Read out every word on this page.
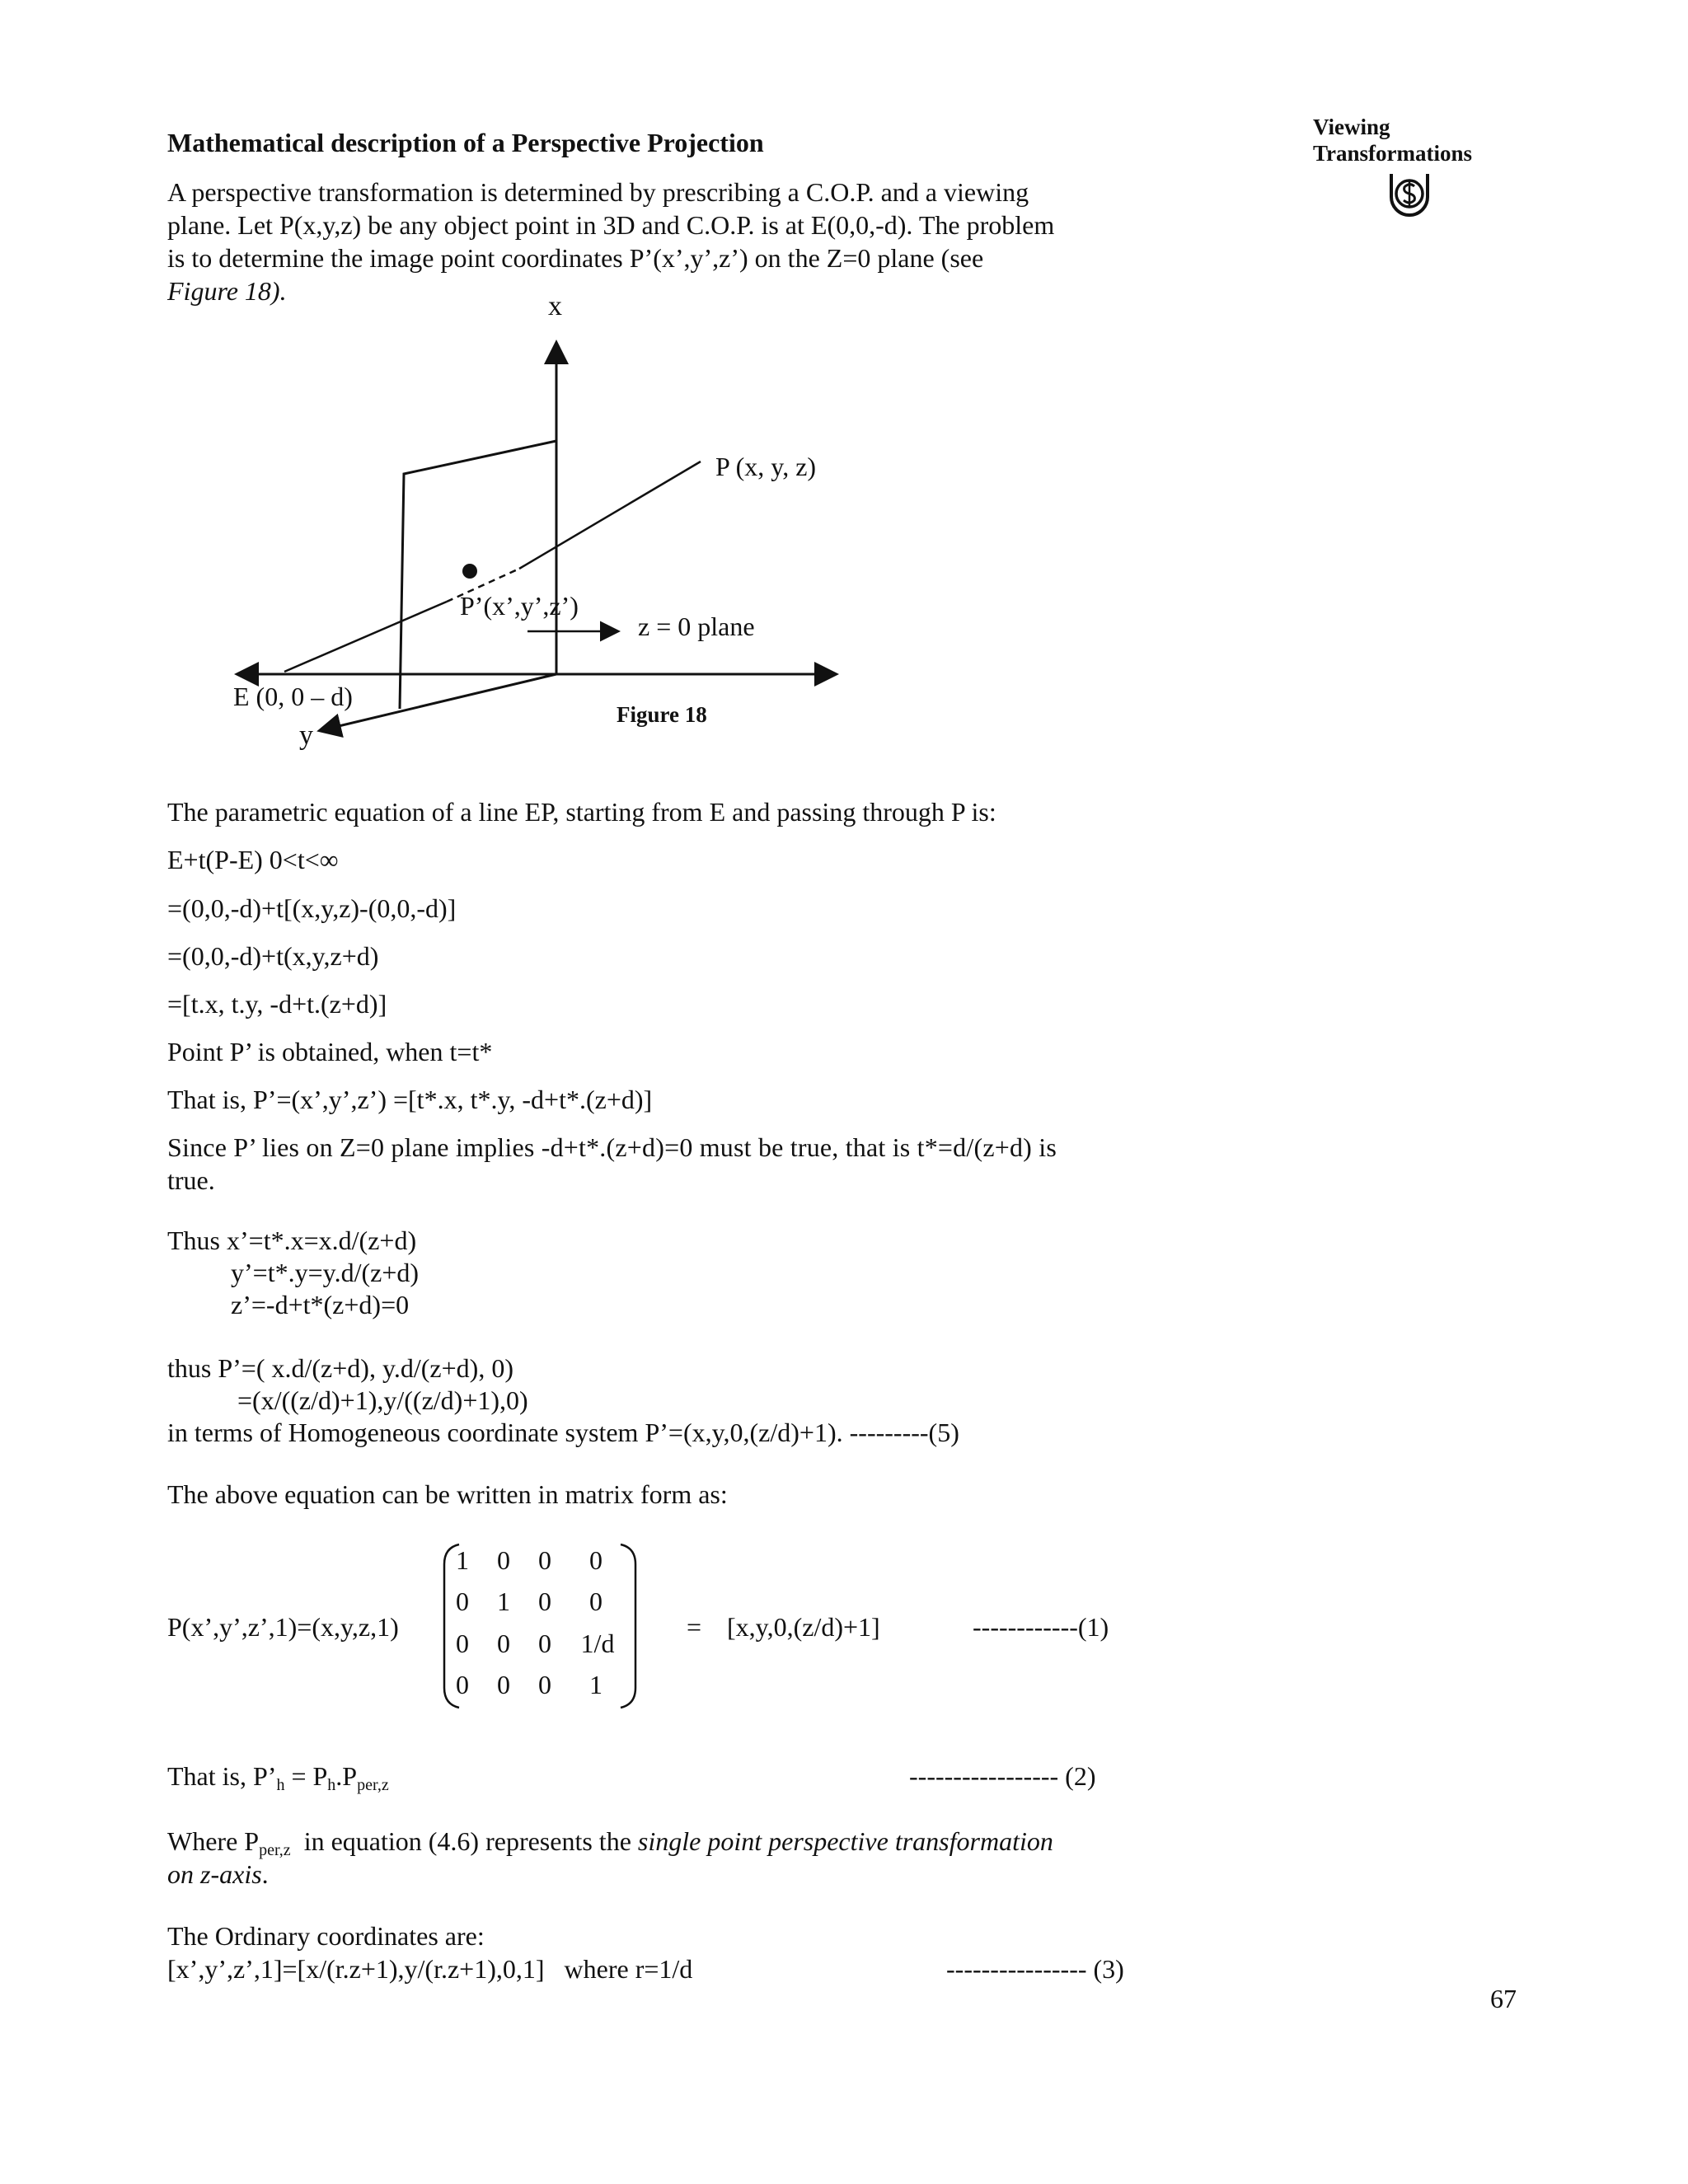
Viewing
Transformations
Mathematical description of a Perspective Projection
A perspective transformation is determined by prescribing a C.O.P. and a viewing
plane. Let P(x,y,z) be any object point in 3D and C.O.P. is at E(0,0,-d). The problem
is to determine the image point coordinates P’(x’,y’,z’) on the Z=0 plane (see
Figure 18).	x
y
P (x, y, z)
P’(x’,y’,z’)
z = 0 plane
E (0, 0 – d)
Figure 18
The parametric equation of a line EP, starting from E and passing through P is:
E+t(P-E) 0<t<∞
=(0,0,-d)+t[(x,y,z)-(0,0,-d)]
=(0,0,-d)+t(x,y,z+d)
=[t.x, t.y, -d+t.(z+d)]
Point P’ is obtained, when t=t*
That is, P’=(x’,y’,z’) =[t*.x, t*.y, -d+t*.(z+d)]
Since P’ lies on Z=0 plane implies -d+t*.(z+d)=0 must be true, that is t*=d/(z+d) is
true.
Thus x’=t*.x=x.d/(z+d)
y’=t*.y=y.d/(z+d)
z’=-d+t*(z+d)=0
thus P’=( x.d/(z+d), y.d/(z+d), 0)
=(x/((z/d)+1),y/((z/d)+1),0)
in terms of Homogeneous coordinate system P’=(x,y,0,(z/d)+1). ---------(5)
The above equation can be written in matrix form as:
P(x’,y’,z’,1)=(x,y,z,1)
1	0	0	0
0	1	0	0
0	0	0	1/d
0	0	0	1
= [x,y,0,(z/d)+1]	------------(1)
That is, $P’_h = P_h.P_{per,z}$	----------------- (2)
Where $P_{per,z}$  in equation (4.6) represents the single point perspective transformation
on z-axis.
The Ordinary coordinates are:
[x’,y’,z’,1]=[x/(r.z+1),y/(r.z+1),0,1]   where r=1/d	---------------- (3)
67
